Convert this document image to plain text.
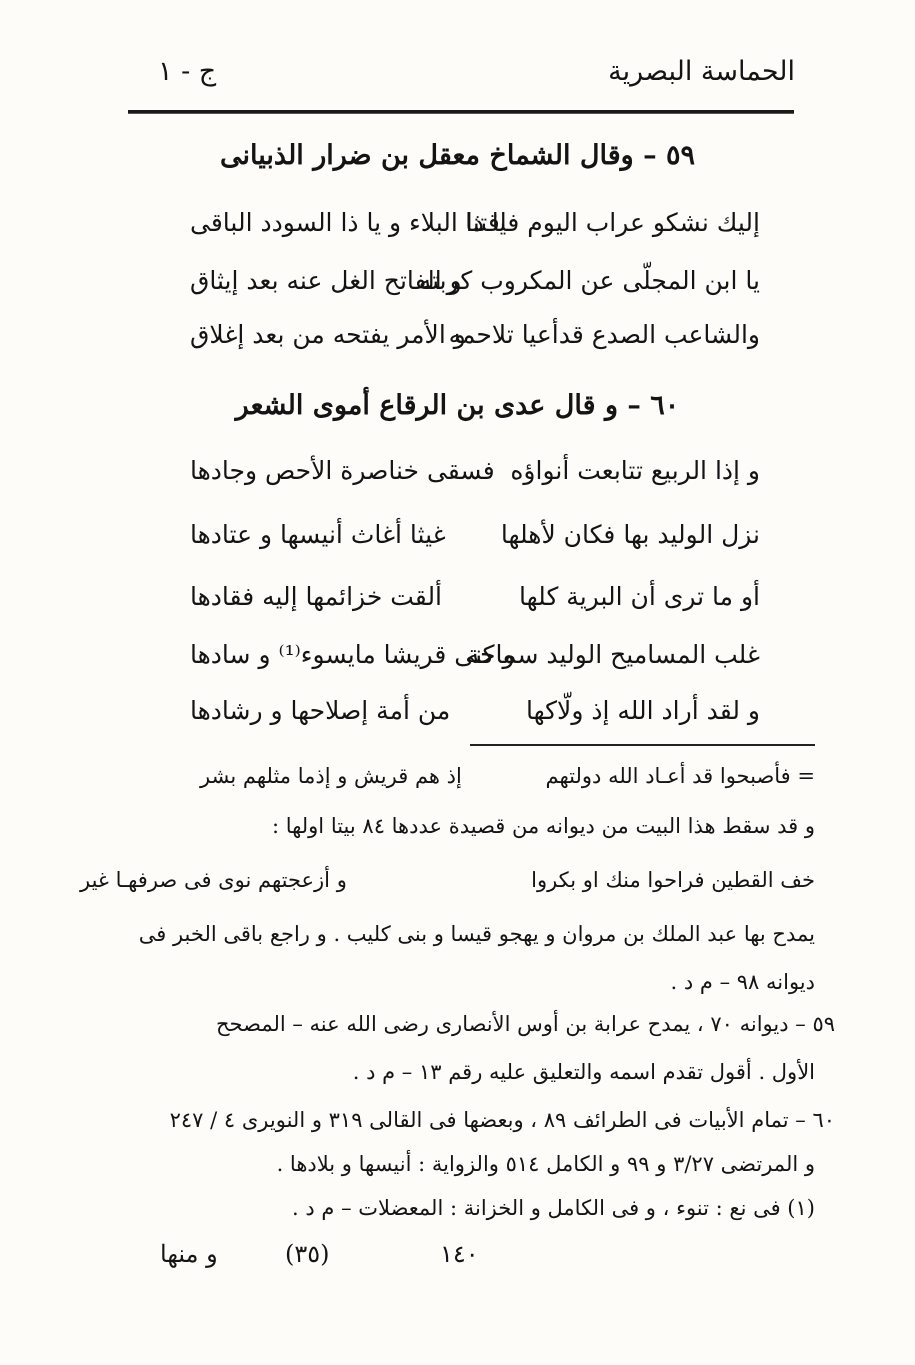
الحماسة البصرية
ج - ١
٥٩ – وقال الشماخ معقل بن ضرار الذبيانى
إليك نشكو عراب اليوم فاقتنا
يا ذا البلاء و يا ذا السودد الباقى
يا ابن المجلّى عن المكروب كربته
و الفاتح الغل عنه بعد إيثاق
والشاعب الصدع قدأعيا تلاحمه
و الأمر يفتحه من بعد إغلاق
٦٠ – و قال عدى بن الرقاع أموى الشعر
و إذا الربيع تتابعت أنواؤه
فسقى خناصرة الأحص وجادها
نزل الوليد بها فكان لأهلها
غيثا أغاث أنيسها و عتادها
أو ما ترى أن البرية كلها
ألقت خزائمها إليه فقادها
غلب المسامیح الولید سماحة
و كنى قريشا مايسوء⁽¹⁾ و سادها
و لقد أراد الله إذ ولّاكها
من أمة إصلاحها و رشادها
= فأصبحوا قد أعـاد الله دولتهم
إذ هم قريش و إذما مثلهم بشر
و قد سقط هذا البيت من ديوانه من قصيدة عددها ٨٤ بيتا اولها :
خف القطين فراحوا منك او بكروا
و أزعجتهم نوى فى صرفهـا غير
يمدح بها عبد الملك بن مروان و يهجو قيسا و بنى كليب . و راجع باقى الخبر فى
ديوانه ٩٨ – م د .
٥٩ – ديوانه ٧٠ ، يمدح عرابة بن أوس الأنصارى رضى الله عنه – المصحح
الأول . أقول تقدم اسمه والتعليق عليه رقم ١٣ – م د .
٦٠ – تمام الأبيات فى الطرائف ٨٩ ، وبعضها فى القالى ٣١٩ و النويرى ٤ / ٢٤٧
و المرتضى ٣/٢٧ و ٩٩ و الكامل ٥١٤ والزواية : أنيسها و بلادها .
(١) فى نع : تنوء ، و فى الكامل و الخزانة : المعضلات – م د .
١٤٠
(٣٥)
و منها
